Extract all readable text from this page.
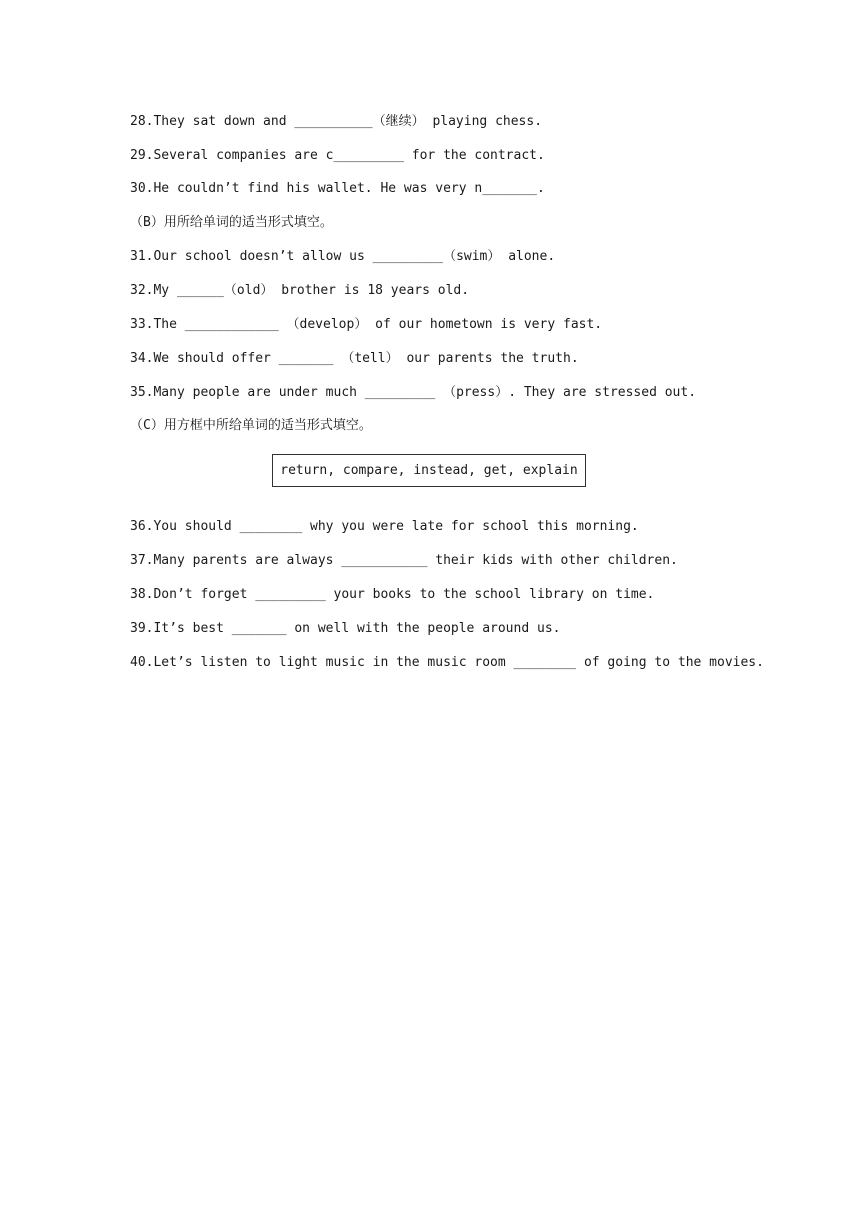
28.They sat down and __________（继续） playing chess.
29.Several companies are c_________ for the contract.
30.He couldn’t find his wallet. He was very n_______.
（B）用所给单词的适当形式填空。
31.Our school doesn’t allow us _________（swim） alone.
32.My ______（old） brother is 18 years old.
33.The ____________ （develop） of our hometown is very fast.
34.We should offer _______ （tell） our parents the truth.
35.Many people are under much _________ （press）. They are stressed out.
（C）用方框中所给单词的适当形式填空。
return, compare, instead, get, explain
36.You should ________ why you were late for school this morning.
37.Many parents are always ___________ their kids with other children.
38.Don’t forget _________ your books to the school library on time.
39.It’s best _______ on well with the people around us.
40.Let’s listen to light music in the music room ________ of going to the movies.
